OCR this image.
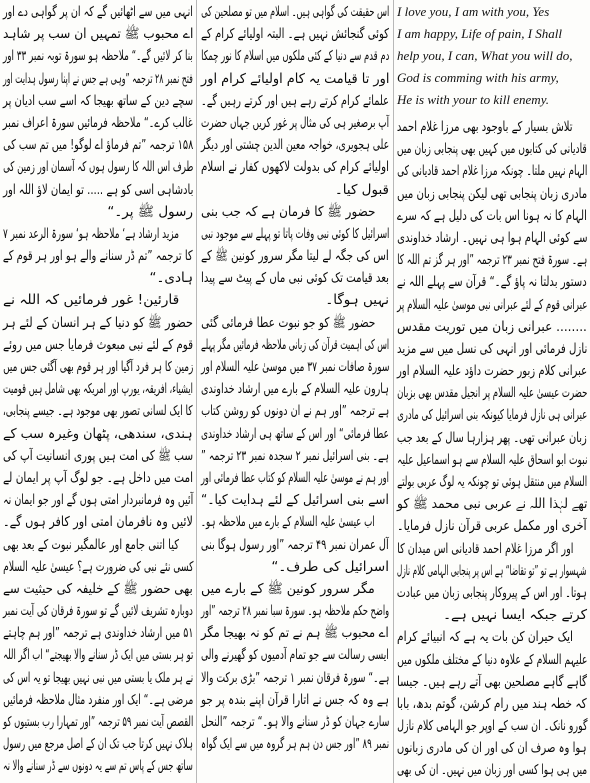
انہی میں سے اٹھائیں گے کہ ان پر گواہی دے اور
اے محبوب ﷺ تمہیں ان سب پر شاہد
بنا کر لائیں گے۔“ ملاحظہ ہو سورۃ توبہ نمبر ۳۳ اور
فتح نمبر ۲۸ ترجمہ ”وہی ہے جس نے اپنا رسول ہدایت اور
سچے دین کے ساتھ بھیجا کہ اسے سب ادیان پر
غالب کرے۔“ ملاحظہ فرمائیں سورۃ اعراف نمبر
۱۵۸ ترجمہ ”تم فرماؤ اے لوگو! میں تم سب کی
طرف اس اللہ کا رسول ہوں کہ آسمان اور زمین کی
بادشاہی اسی کو ہے ..... تو ایمان لاؤ اللہ اور
رسول ﷺ پر۔“
مزید ارشاد ہے‘ ملاحظہ ہو‘ سورۃ الرعد نمبر ۷
کا ترجمہ ”تم ڈر سنانے والے ہو اور ہر قوم کے
ہادی۔“
قارئین! غور فرمائیں کہ اللہ نے
حضور ﷺ کو دنیا کے ہر انسان کے لئے ہر
قوم کے لئے نبی مبعوث فرمایا جس میں روئے
زمین کا ہر فرد آگیا اور ہر قوم بھی آگئی جس میں
ایشیاء، افریقہ، یورپ اور امریکہ بھی شامل ہیں قومیت
کا ایک لسانی تصور بھی موجود ہے۔ جیسے پنجابی،
ہندی، سندھی، پٹھان وغیرہ سب کے
سب ﷺ کی امت ہیں پوری انسانیت آپ کی
امت میں داخل ہے۔ جو لوگ آپ پر ایمان لے
آئیں وہ فرمانبردار امتی ہوں گے اور جو ایمان نہ
لائیں وہ نافرمان امتی اور کافر ہوں گے۔
کیا اتنی جامع اور عالمگیر نبوت کے بعد بھی
کسی نئے نبی کی ضرورت ہے؟ عیسیٰ علیہ السلام
بھی حضور ﷺ کے خلیفہ کی حیثیت سے
دوبارہ تشریف لائیں گے تو سورۃ فرقان کی آیت نمبر
۵۱ میں ارشاد خداوندی ہے ترجمہ ”اور ہم چاہتے
تو ہر بستی میں ایک ڈر سنانے والا بھیجتے“ اب اگر اللہ
نے ہر ملک یا بستی میں نبی نہیں بھیجا تو یہ اس کی
مرضی ہے۔“ ایک اور منفرد مثال ملاحظہ فرمائیں
القصص آیت نمبر ۵۹ ترجمہ ”اور تمہارا رب بستیوں کو
ہلاک نہیں کرتا جب تک ان کے اصل مرجع میں رسول
ساتھ جس کے پاس تم سے یہ دونوں سے ڈر سنانے والا نہ
اس حقیقت کی گواہی ہیں۔ اسلام میں تو مصلحین کی
کوئی گنجائش نہیں ہے۔ البتہ اولیائے کرام کے
دم قدم سے دنیا کے کئی ملکوں میں اسلام کا نور چمکا
اور تا قیامت یہ کام اولیائے کرام اور
علمائے کرام کرتے رہے ہیں اور کرتے رہیں گے۔
آپ برصغیر ہی کی مثال پر غور کریں جہاں حضرت
علی ہجویری، خواجہ معین الدین چشتی اور دیگر
اولیائے کرام کی بدولت لاکھوں کفار نے اسلام
قبول کیا۔
حضور ﷺ کا فرمان ہے کہ جب بنی
اسرائیل کا کوئی نبی وفات پاتا تو پہلے سے موجود نبی
اس کی جگہ لے لیتا مگر سرور کونین ﷺ کے
بعد قیامت تک کوئی نبی ماں کے پیٹ سے پیدا
نہیں ہوگا۔
حضور ﷺ کو جو نبوت عطا فرمائی گئی
اس کی اہمیت قرآن کی زبانی ملاحظہ فرمائیں مگر پہلے
سورۃ صافات نمبر ۳۷ میں موسیٰ علیہ السلام اور
ہارون علیہ السلام کے بارے میں ارشاد خداوندی
ہے ترجمہ ”اور ہم نے ان دونوں کو روشن کتاب
عطا فرمائی“ اور اس کے ساتھ ہی ارشاد خداوندی
ہے۔ بنی اسرائیل نمبر ۲ سجدہ نمبر ۲۳ ترجمہ ”
اور ہم نے موسیٰ علیہ السلام کو کتاب عطا فرمائی اور
اسے بنی اسرائیل کے لئے ہدایت کیا۔“
اب عیسیٰ علیہ السلام کے بارے میں ملاحظہ ہو۔
آل عمران نمبر ۴۹ ترجمہ ”اور رسول ہوگا بنی
اسرائیل کی طرف۔“
مگر سرور کونین ﷺ کے بارے میں
واضح حکم ملاحظہ ہو۔ سورۃ سبا نمبر ۲۸ ترجمہ ”اور
اے محبوب ﷺ ہم نے تم کو نہ بھیجا مگر
ایسی رسالت سے جو تمام آدمیوں کو گھیرنے والی
ہے۔“ سورۃ فرقان نمبر ۱ ترجمہ ”بڑی برکت والا
ہے وہ کہ جس نے اتارا قرآن اپنے بندہ پر جو
سارے جہان کو ڈر سنانے والا ہو۔“ ترجمہ ”النحل
نمبر ۸۹ ”اور جس دن ہم ہر گروہ میں سے ایک گواہ
I love you, I am with you, Yes
I am happy, Life of pain, I Shall
help you, I can, What you will do,
God is comming with his army,
He is with your to kill enemy.
تلاش بسیار کے باوجود بھی مرزا غلام احمد
قادیانی کی کتابوں میں کہیں بھی پنجابی زبان میں
الہام نہیں ملتا۔ چونکہ مرزا غلام احمد قادیانی کی
مادری زبان پنجابی تھی لیکن پنجابی زبان میں
الہام کا نہ ہونا اس بات کی دلیل ہے کہ سرے
سے کوئی الہام ہوا ہی نہیں۔ ارشاد خداوندی
ہے۔ سورۃ فتح نمبر ۲۳ ترجمہ ”اور ہر گز تم اللہ کا
دستور بدلتا نہ پاؤ گے۔“ قرآن سے پہلے اللہ نے
عبرانی قوم کے لئے عبرانی نبی موسیٰ علیہ السلام پر
........ عبرانی زبان میں توریت مقدس
نازل فرمائی اور انہی کی نسل میں سے مزید
عبرانی کلام زبور حضرت داؤد علیہ السلام اور
حضرت عیسیٰ علیہ السلام پر انجیل مقدس بھی بزبان
عبرانی ہی نازل فرمایا کیونکہ بنی اسرائیل کی مادری
زبان عبرانی تھی۔ پھر ہزارہا سال کے بعد جب
نبوت ابو اسحاق علیہ السلام سے ہو اسماعیل علیہ
السلام میں منتقل ہوئی تو چونکہ یہ لوگ عربی بولتے
تھے لہٰذا اللہ نے عربی نبی محمد ﷺ کو
آخری اور مکمل عربی قرآن نازل فرمایا۔
اور اگر مرزا غلام احمد قادیانی اس میدان کا
شہسوار ہے تو ”تو تقاضا“ ہے اس پر پنجابی الہامی کلام نازل
ہوتا۔ اور اس کے پیروکار پنجابی زبان میں عبادت
کرتے جبکہ ایسا نہیں ہے۔
ایک حیران کن بات یہ ہے کہ انبیائے کرام
علیہم السلام کے علاوہ دنیا کے مختلف ملکوں میں
گاہے گاہے مصلحین بھی آتے رہے ہیں۔ جیسا
کہ خطہ ہند میں رام کرشن، گوتم بدھ، بابا
گورو نانک۔ ان سب کے اوپر جو الہامی کلام نازل
ہوا وہ صرف ان کی اور ان کی مادری زبانوں
میں ہی ہوا کسی اور زبان میں نہیں۔ ان کی بھی
